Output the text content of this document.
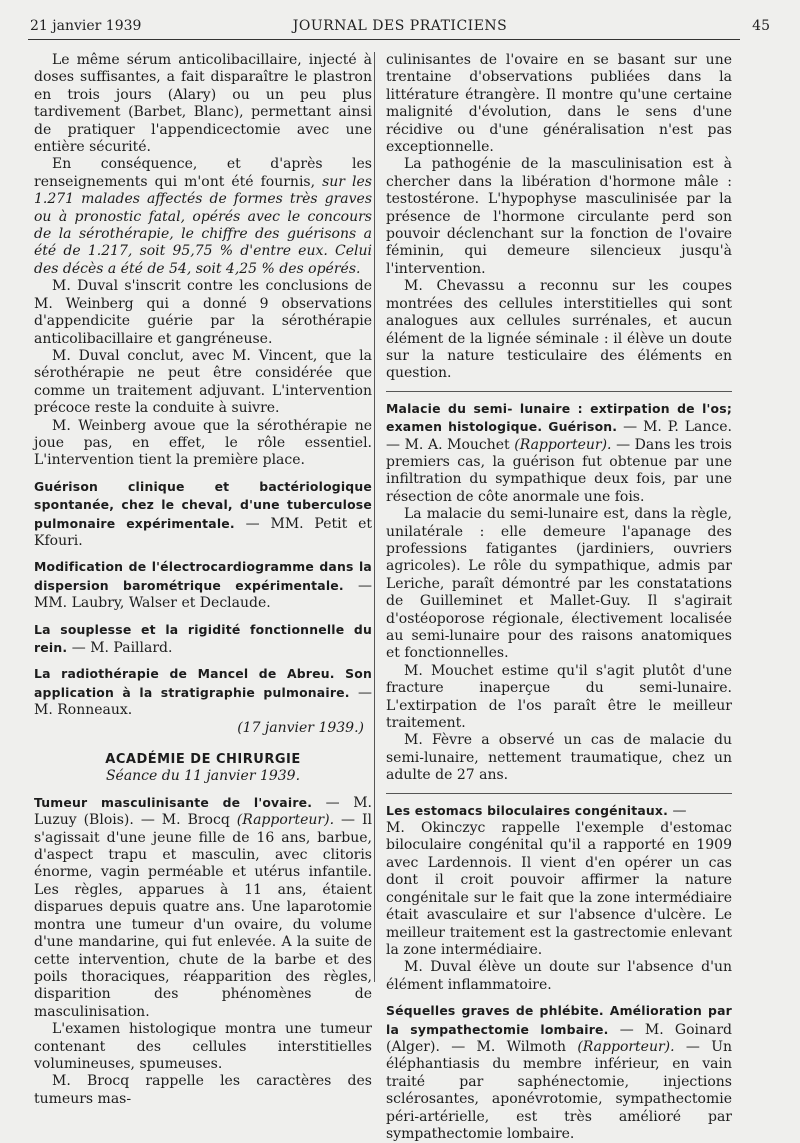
21 janvier 1939	JOURNAL DES PRATICIENS	45

Le même sérum anticolibacillaire, injecté à doses suffisantes, a fait disparaître le plastron en trois jours (Alary) ou un peu plus tardivement (Barbet, Blanc), permettant ainsi de pratiquer l'appendicectomie avec une entière sécurité.

En conséquence, et d'après les renseignements qui m'ont été fournis, sur les 1.271 malades affectés de formes très graves ou à pronostic fatal, opérés avec le concours de la sérothérapie, le chiffre des guérisons a été de 1.217, soit 95,75 % d'entre eux. Celui des décès a été de 54, soit 4,25 % des opérés.

M. Duval s'inscrit contre les conclusions de M. Weinberg qui a donné 9 observations d'appendicite guérie par la sérothérapie anticolibacillaire et gangréneuse.

M. Duval conclut, avec M. Vincent, que la sérothérapie ne peut être considérée que comme un traitement adjuvant. L'intervention précoce reste la conduite à suivre.

M. Weinberg avoue que la sérothérapie ne joue pas, en effet, le rôle essentiel. L'intervention tient la première place.

Guérison clinique et bactériologique spontanée, chez le cheval, d'une tuberculose pulmonaire expérimentale. — MM. Petit et Kfouri.

Modification de l'électrocardiogramme dans la dispersion barométrique expérimentale. — MM. Laubry, Walser et Declaude.

La souplesse et la rigidité fonctionnelle du rein. — M. Paillard.

La radiothérapie de Mancel de Abreu. Son application à la stratigraphie pulmonaire. — M. Ronneaux.

(17 janvier 1939.)

ACADÉMIE DE CHIRURGIE

Séance du 11 janvier 1939.

Tumeur masculinisante de l'ovaire. — M. Luzuy (Blois). — M. Brocq (Rapporteur). — Il s'agissait d'une jeune fille de 16 ans, barbue, d'aspect trapu et masculin, avec clitoris énorme, vagin perméable et utérus infantile. Les règles, apparues à 11 ans, étaient disparues depuis quatre ans. Une laparotomie montra une tumeur d'un ovaire, du volume d'une mandarine, qui fut enlevée. A la suite de cette intervention, chute de la barbe et des poils thoraciques, réapparition des règles, disparition des phénomènes de masculinisation.

L'examen histologique montra une tumeur contenant des cellules interstitielles volumineuses, spumeuses.

M. Brocq rappelle les caractères des tumeurs mas-

culinisantes de l'ovaire en se basant sur une trentaine d'observations publiées dans la littérature étrangère. Il montre qu'une certaine malignité d'évolution, dans le sens d'une récidive ou d'une généralisation n'est pas exceptionnelle.

La pathogénie de la masculinisation est à chercher dans la libération d'hormone mâle : testostérone. L'hypophyse masculinisée par la présence de l'hormone circulante perd son pouvoir déclenchant sur la fonction de l'ovaire féminin, qui demeure silencieux jusqu'à l'intervention.

M. Chevassu a reconnu sur les coupes montrées des cellules interstitielles qui sont analogues aux cellules surrénales, et aucun élément de la lignée séminale : il élève un doute sur la nature testiculaire des éléments en question.

Malacie du semi- lunaire : extirpation de l'os; examen histologique. Guérison. — M. P. Lance. — M. A. Mouchet (Rapporteur). — Dans les trois premiers cas, la guérison fut obtenue par une infiltration du sympathique deux fois, par une résection de côte anormale une fois.

La malacie du semi-lunaire est, dans la règle, unilatérale : elle demeure l'apanage des professions fatigantes (jardiniers, ouvriers agricoles). Le rôle du sympathique, admis par Leriche, paraît démontré par les constatations de Guilleminet et Mallet-Guy. Il s'agirait d'ostéoporose régionale, électivement localisée au semi-lunaire pour des raisons anatomiques et fonctionnelles.

M. Mouchet estime qu'il s'agit plutôt d'une fracture inaperçue du semi-lunaire. L'extirpation de l'os paraît être le meilleur traitement.

M. Fèvre a observé un cas de malacie du semi-lunaire, nettement traumatique, chez un adulte de 27 ans.

Les estomacs biloculaires congénitaux. —

M. Okinczyc rappelle l'exemple d'estomac biloculaire congénital qu'il a rapporté en 1909 avec Lardennois. Il vient d'en opérer un cas dont il croit pouvoir affirmer la nature congénitale sur le fait que la zone intermédiaire était avasculaire et sur l'absence d'ulcère. Le meilleur traitement est la gastrectomie enlevant la zone intermédiaire.

M. Duval élève un doute sur l'absence d'un élément inflammatoire.

Séquelles graves de phlébite. Amélioration par la sympathectomie lombaire. — M. Goinard (Alger). — M. Wilmoth (Rapporteur). — Un éléphantiasis du membre inférieur, en vain traité par saphénectomie, injections sclérosantes, aponévrotomie, sympathectomie péri-artérielle, est très amélioré par sympathectomie lombaire.
